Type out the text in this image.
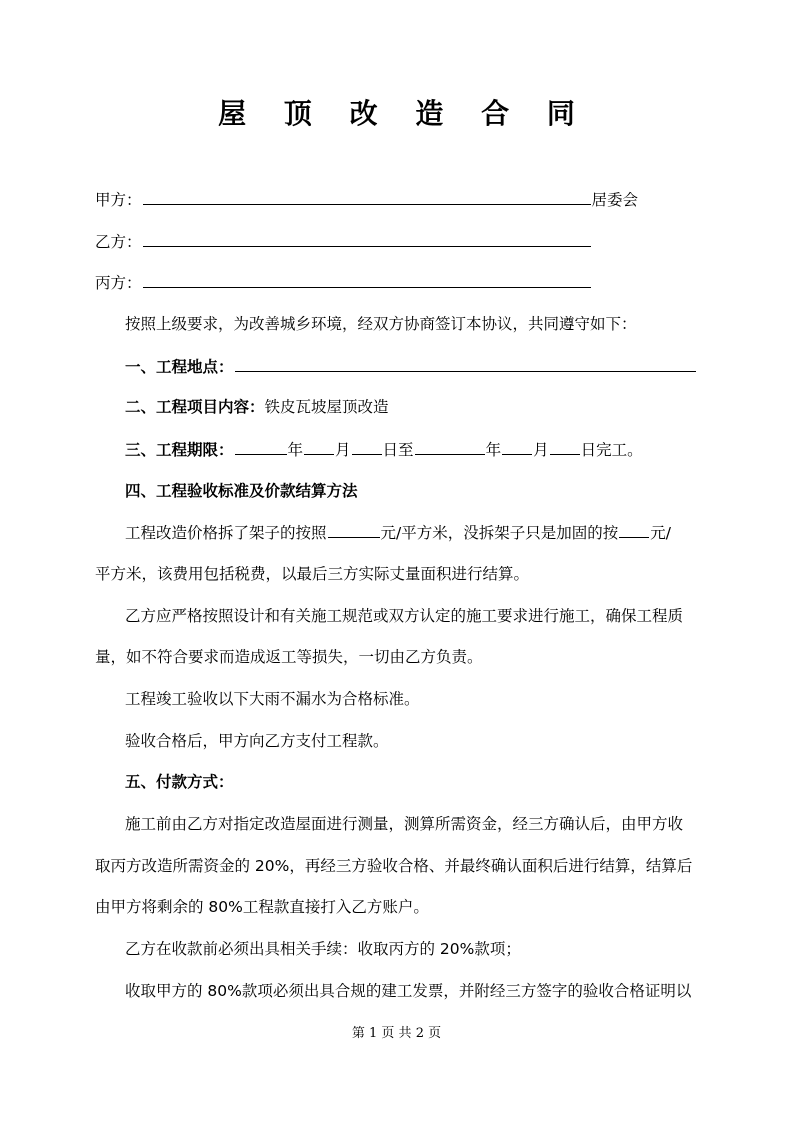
屋 顶 改 造 合 同
甲方：	居委会
乙方：
丙方：
按照上级要求，为改善城乡环境，经双方协商签订本协议，共同遵守如下：
一、工程地点：
二、工程项目内容：铁皮瓦坡屋顶改造
三、工程期限：	年 月 日至	年 月 日完工。
四、工程验收标准及价款结算方法
工程改造价格拆了架子的按照	元/平方米，没拆架子只是加固的按 元/
平方米，该费用包括税费，以最后三方实际丈量面积进行结算。
乙方应严格按照设计和有关施工规范或双方认定的施工要求进行施工，确保工程质
量，如不符合要求而造成返工等损失，一切由乙方负责。
工程竣工验收以下大雨不漏水为合格标准。
验收合格后，甲方向乙方支付工程款。
五、付款方式：
施工前由乙方对指定改造屋面进行测量，测算所需资金，经三方确认后，由甲方收
取丙方改造所需资金的 20%，再经三方验收合格、并最终确认面积后进行结算，结算后
由甲方将剩余的 80%工程款直接打入乙方账户。
乙方在收款前必须出具相关手续：收取丙方的 20%款项；
收取甲方的 80%款项必须出具合规的建工发票，并附经三方签字的验收合格证明以
第 1 页 共 2 页
